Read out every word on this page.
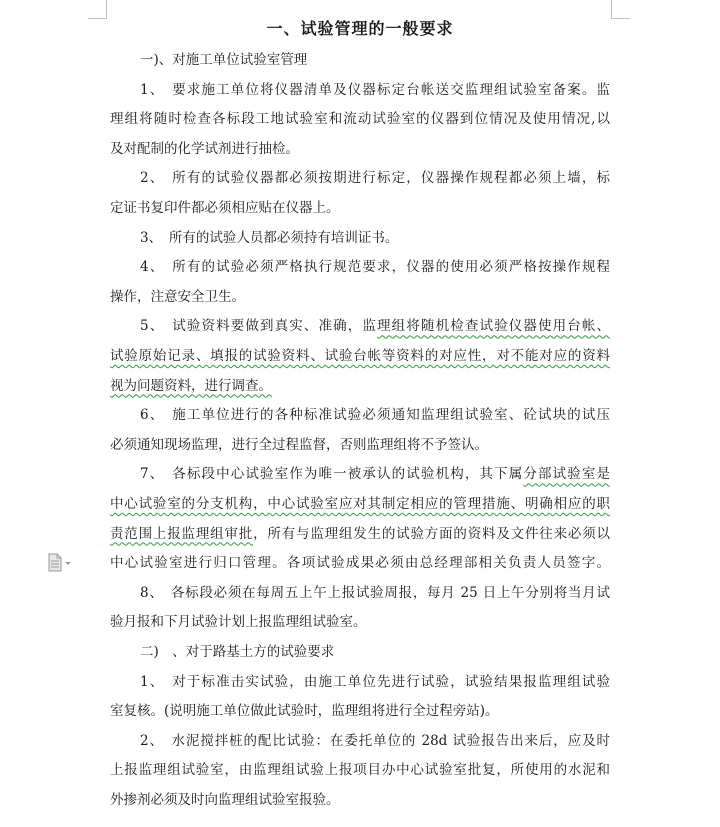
一、试验管理的一般要求
一)、对施工单位试验室管理
1、　要求施工单位将仪器清单及仪器标定台帐送交监理组试验室备案。监
理组将随时检查各标段工地试验室和流动试验室的仪器到位情况及使用情况,以
及对配制的化学试剂进行抽检。
2、　所有的试验仪器都必须按期进行标定，仪器操作规程都必须上墙，标
定证书复印件都必须相应贴在仪器上。
3、　所有的试验人员都必须持有培训证书。
4、　所有的试验必须严格执行规范要求，仪器的使用必须严格按操作规程
操作，注意安全卫生。
5、　试验资料要做到真实、准确，监理组将随机检查试验仪器使用台帐、
试验原始记录、填报的试验资料、试验台帐等资料的对应性，对不能对应的资料
视为问题资料，进行调查。
6、　施工单位进行的各种标准试验必须通知监理组试验室、砼试块的试压
必须通知现场监理，进行全过程监督，否则监理组将不予签认。
7、　各标段中心试验室作为唯一被承认的试验机构，其下属分部试验室是
中心试验室的分支机构，中心试验室应对其制定相应的管理措施、明确相应的职
责范围上报监理组审批，所有与监理组发生的试验方面的资料及文件往来必须以
中心试验室进行归口管理。各项试验成果必须由总经理部相关负责人员签字。
8、　各标段必须在每周五上午上报试验周报，每月 25 日上午分别将当月试
验月报和下月试验计划上报监理组试验室。
二)　、对于路基土方的试验要求
1、　对于标准击实试验，由施工单位先进行试验，试验结果报监理组试验
室复核。(说明施工单位做此试验时，监理组将进行全过程旁站)。
2、　水泥搅拌桩的配比试验：在委托单位的 28d 试验报告出来后，应及时
上报监理组试验室，由监理组试验上报项目办中心试验室批复，所使用的水泥和
外掺剂必须及时向监理组试验室报验。
